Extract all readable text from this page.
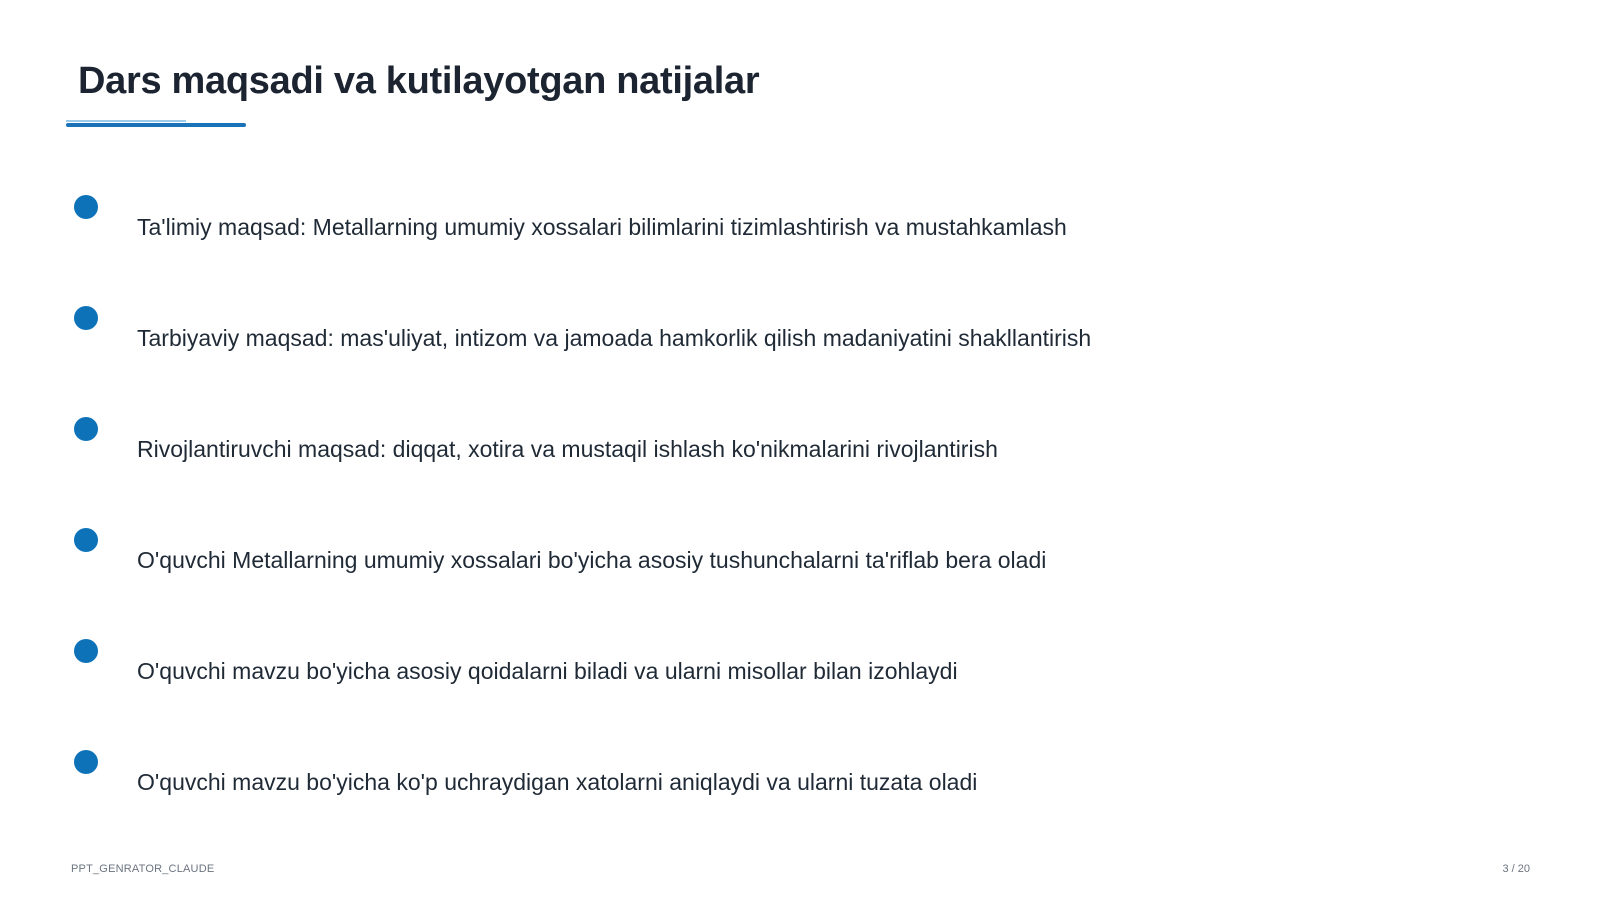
Dars maqsadi va kutilayotgan natijalar
Ta'limiy maqsad: Metallarning umumiy xossalari bilimlarini tizimlashtirish va mustahkamlash
Tarbiyaviy maqsad: mas'uliyat, intizom va jamoada hamkorlik qilish madaniyatini shakllantirish
Rivojlantiruvchi maqsad: diqqat, xotira va mustaqil ishlash ko'nikmalarini rivojlantirish
O'quvchi Metallarning umumiy xossalari bo'yicha asosiy tushunchalarni ta'riflab bera oladi
O'quvchi mavzu bo'yicha asosiy qoidalarni biladi va ularni misollar bilan izohlaydi
O'quvchi mavzu bo'yicha ko'p uchraydigan xatolarni aniqlaydi va ularni tuzata oladi
PPT_GENRATOR_CLAUDE	3 / 20
